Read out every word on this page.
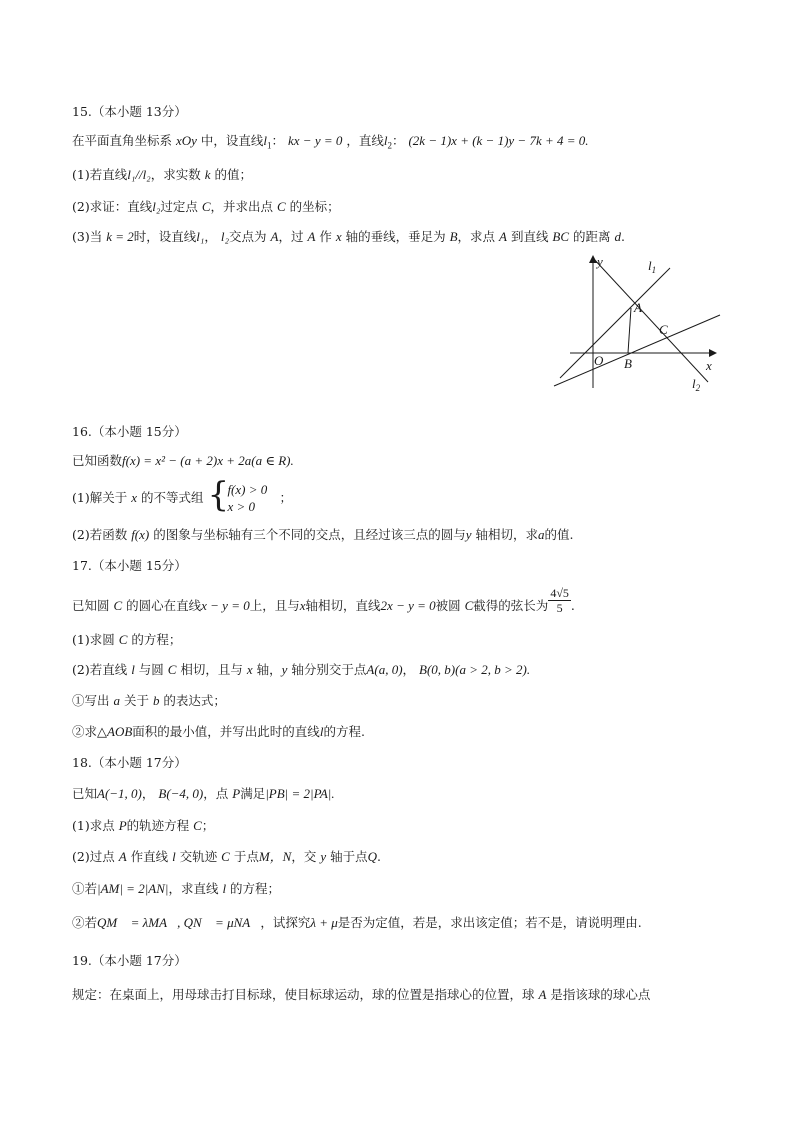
15.（本小题 13分）
在平面直角坐标系 xOy 中，设直线$l_1$： kx − y = 0 ，直线$l_2$： (2k − 1)x + (k − 1)y − 7k + 4 = 0.
(1)若直线l₁//l₂，求实数 k 的值；
(2)求证：直线l₂过定点 C，并求出点 C 的坐标；
(3)当 k = 2时，设直线l₁， l₂交点为 A，过 A 作 x 轴的垂线，垂足为 B，求点 A 到直线 BC 的距离 d.
y
x
O
A
B
C
$l_1$
$l_2$
16.（本小题 15分）
已知函数f(x) = x² − (a + 2)x + 2a(a ∈ R).
(1)解关于 x 的不等式组 {
f(x) > 0
x > 0
；
(2)若函数 f(x) 的图象与坐标轴有三个不同的交点，且经过该三点的圆与y 轴相切，求a的值.
17.（本小题 15分）
已知圆 C 的圆心在直线x − y = 0上，且与x轴相切，直线2x − y = 0被圆 C截得的弦长为 $\frac{4√5}{5}$ .
(1)求圆 C 的方程；
(2)若直线 l 与圆 C 相切，且与 x 轴，y 轴分别交于点A(a, 0)， B(0, b)(a > 2, b > 2).
①写出 a 关于 b 的表达式；
②求△AOB面积的最小值，并写出此时的直线l的方程.
18.（本小题 17分）
已知A(−1, 0)， B(−4, 0)，点 P满足|PB| = 2|PA|.
(1)求点 P的轨迹方程 C；
(2)过点 A 作直线 l 交轨迹 C 于点M，N，交 y 轴于点Q.
①若|AM| = 2|AN|，求直线 l 的方程；
②若QM⃗ = λMA⃗, QN⃗ = μNA⃗，试探究λ + μ是否为定值，若是，求出该定值；若不是，请说明理由.
19.（本小题 17分）
规定：在桌面上，用母球击打目标球，使目标球运动，球的位置是指球心的位置，球 A 是指该球的球心点
